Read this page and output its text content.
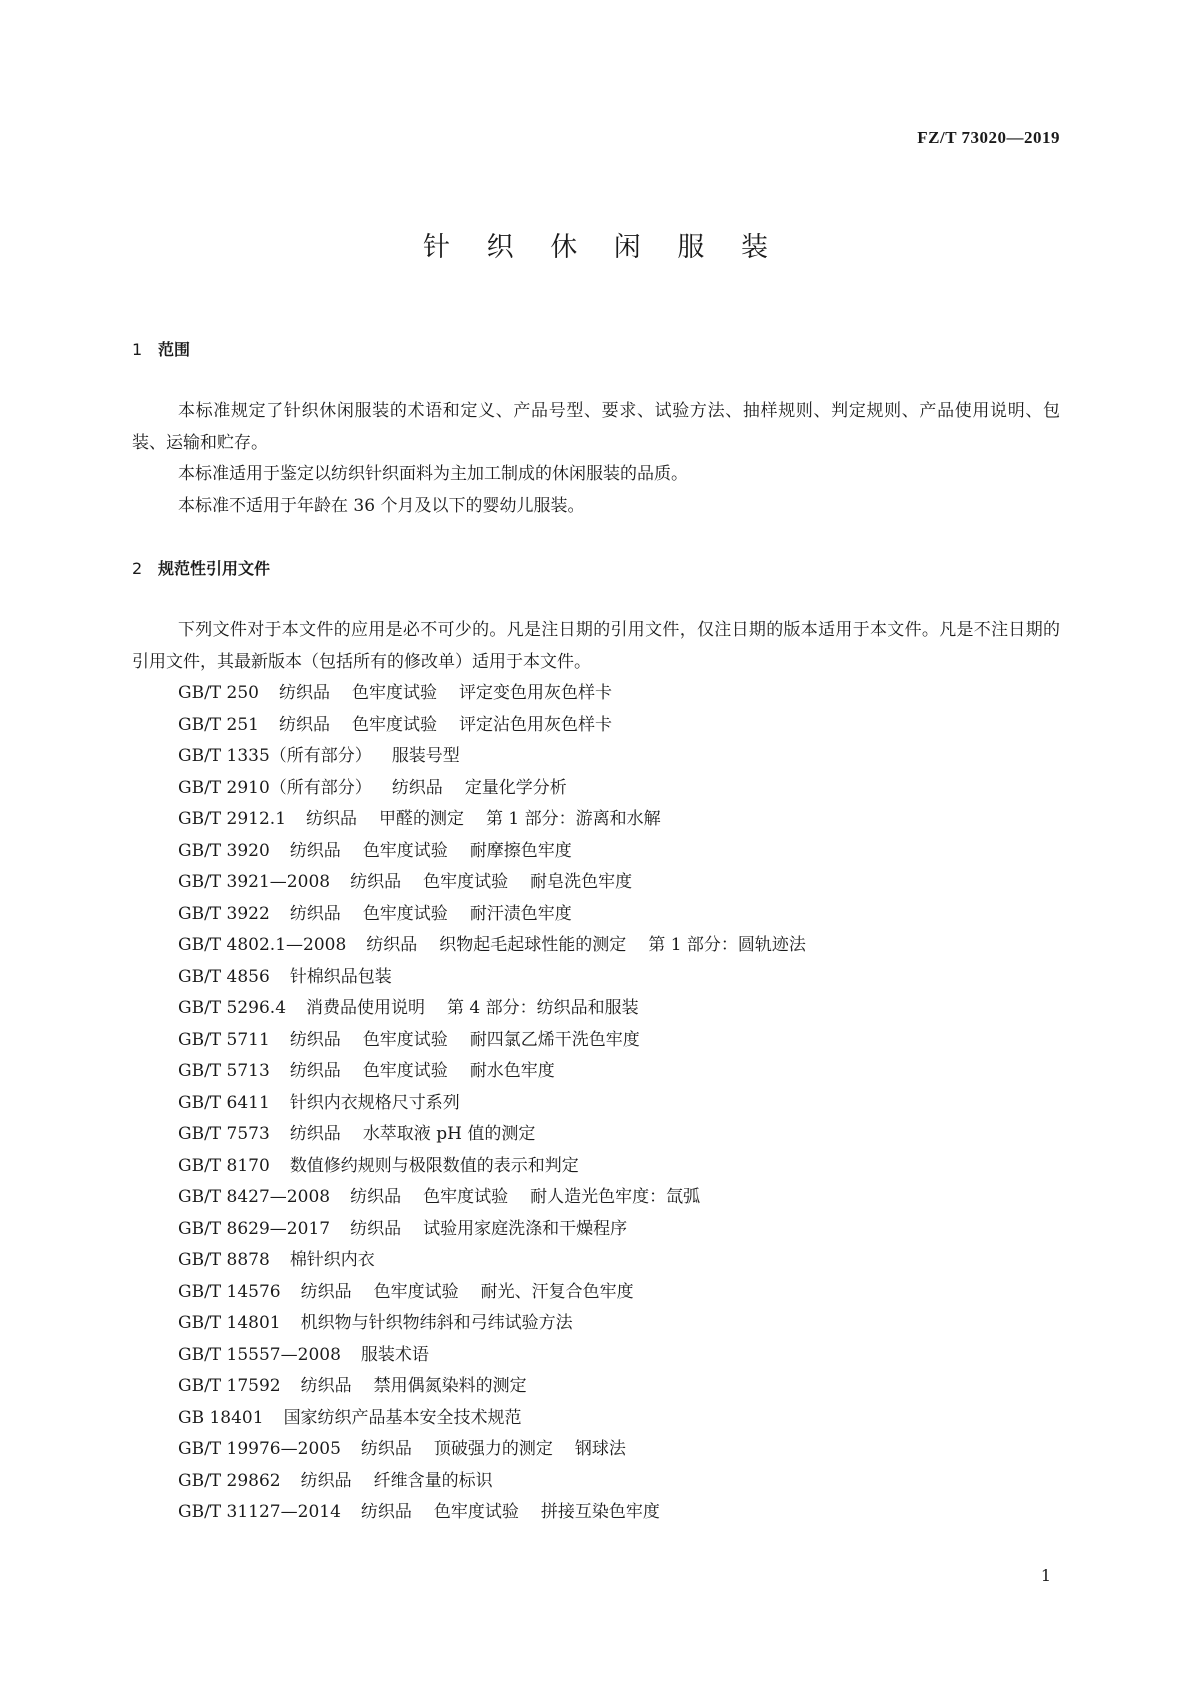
FZ/T 73020—2019
针 织 休 闲 服 装
1 范围

本标准规定了针织休闲服装的术语和定义、产品号型、要求、试验方法、抽样规则、判定规则、产品使用说明、包装、运输和贮存。

本标准适用于鉴定以纺织针织面料为主加工制成的休闲服装的品质。

本标准不适用于年龄在 36 个月及以下的婴幼儿服装。

2 规范性引用文件

下列文件对于本文件的应用是必不可少的。凡是注日期的引用文件，仅注日期的版本适用于本文件。凡是不注日期的引用文件，其最新版本（包括所有的修改单）适用于本文件。

GB/T 250 纺织品 色牢度试验 评定变色用灰色样卡

GB/T 251 纺织品 色牢度试验 评定沾色用灰色样卡

GB/T 1335（所有部分） 服装号型

GB/T 2910（所有部分） 纺织品 定量化学分析

GB/T 2912.1 纺织品 甲醛的测定 第 1 部分：游离和水解

GB/T 3920 纺织品 色牢度试验 耐摩擦色牢度

GB/T 3921—2008 纺织品 色牢度试验 耐皂洗色牢度

GB/T 3922 纺织品 色牢度试验 耐汗渍色牢度

GB/T 4802.1—2008 纺织品 织物起毛起球性能的测定 第 1 部分：圆轨迹法

GB/T 4856 针棉织品包装

GB/T 5296.4 消费品使用说明 第 4 部分：纺织品和服装

GB/T 5711 纺织品 色牢度试验 耐四氯乙烯干洗色牢度

GB/T 5713 纺织品 色牢度试验 耐水色牢度

GB/T 6411 针织内衣规格尺寸系列

GB/T 7573 纺织品 水萃取液 pH 值的测定

GB/T 8170 数值修约规则与极限数值的表示和判定

GB/T 8427—2008 纺织品 色牢度试验 耐人造光色牢度：氙弧

GB/T 8629—2017 纺织品 试验用家庭洗涤和干燥程序

GB/T 8878 棉针织内衣

GB/T 14576 纺织品 色牢度试验 耐光、汗复合色牢度

GB/T 14801 机织物与针织物纬斜和弓纬试验方法

GB/T 15557—2008 服装术语

GB/T 17592 纺织品 禁用偶氮染料的测定

GB 18401 国家纺织产品基本安全技术规范

GB/T 19976—2005 纺织品 顶破强力的测定 钢球法

GB/T 29862 纺织品 纤维含量的标识

GB/T 31127—2014 纺织品 色牢度试验 拼接互染色牢度

1
